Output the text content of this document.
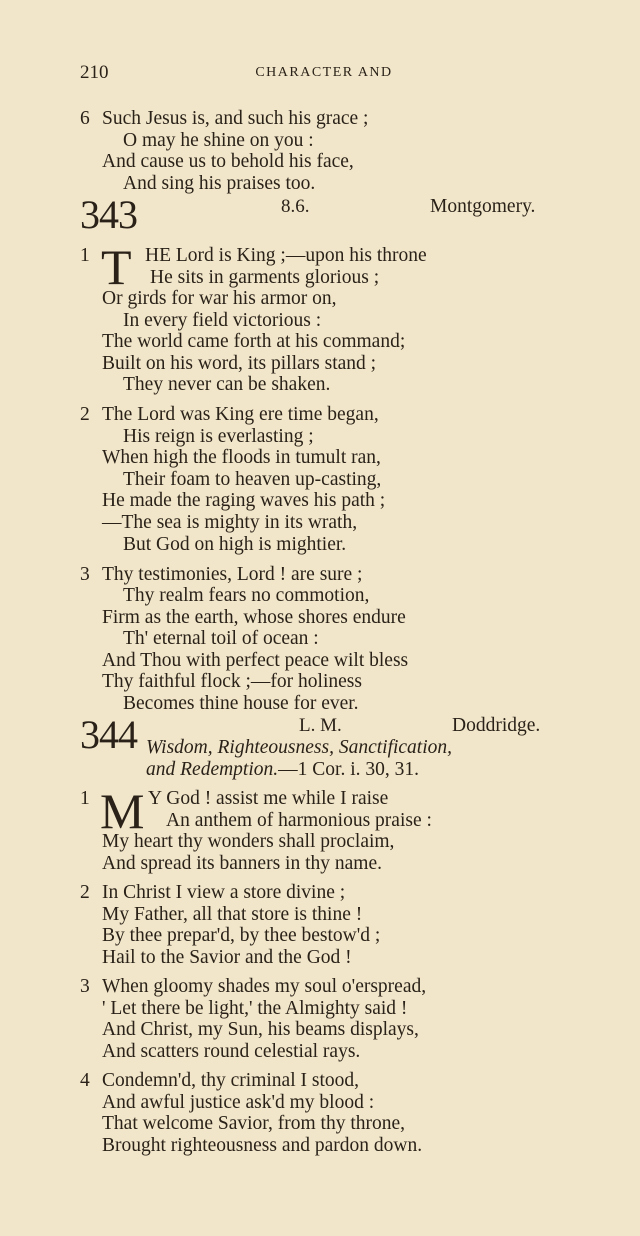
210	CHARACTER AND
6 Such Jesus is, and such his grace ;
O may he shine on you :
And cause us to behold his face,
And sing his praises too.
343	8.6.	Montgomery.
1 T HE Lord is King ;—upon his throne
He sits in garments glorious ;
Or girds for war his armor on,
In every field victorious :
The world came forth at his command;
Built on his word, its pillars stand ;
They never can be shaken.
2 The Lord was King ere time began,
His reign is everlasting ;
When high the floods in tumult ran,
Their foam to heaven up-casting,
He made the raging waves his path ;
—The sea is mighty in its wrath,
But God on high is mightier.
3 Thy testimonies, Lord ! are sure ;
Thy realm fears no commotion,
Firm as the earth, whose shores endure
Th' eternal toil of ocean :
And Thou with perfect peace wilt bless
Thy faithful flock ;—for holiness
Becomes thine house for ever.
344	L. M.	Doddridge.
Wisdom, Righteousness, Sanctification,
and Redemption.—1 Cor. i. 30, 31.
1 M Y God ! assist me while I raise
An anthem of harmonious praise :
My heart thy wonders shall proclaim,
And spread its banners in thy name.
2 In Christ I view a store divine ;
My Father, all that store is thine !
By thee prepar'd, by thee bestow'd ;
Hail to the Savior and the God !
3 When gloomy shades my soul o'erspread,
' Let there be light,' the Almighty said !
And Christ, my Sun, his beams displays,
And scatters round celestial rays.
4 Condemn'd, thy criminal I stood,
And awful justice ask'd my blood :
That welcome Savior, from thy throne,
Brought righteousness and pardon down.
